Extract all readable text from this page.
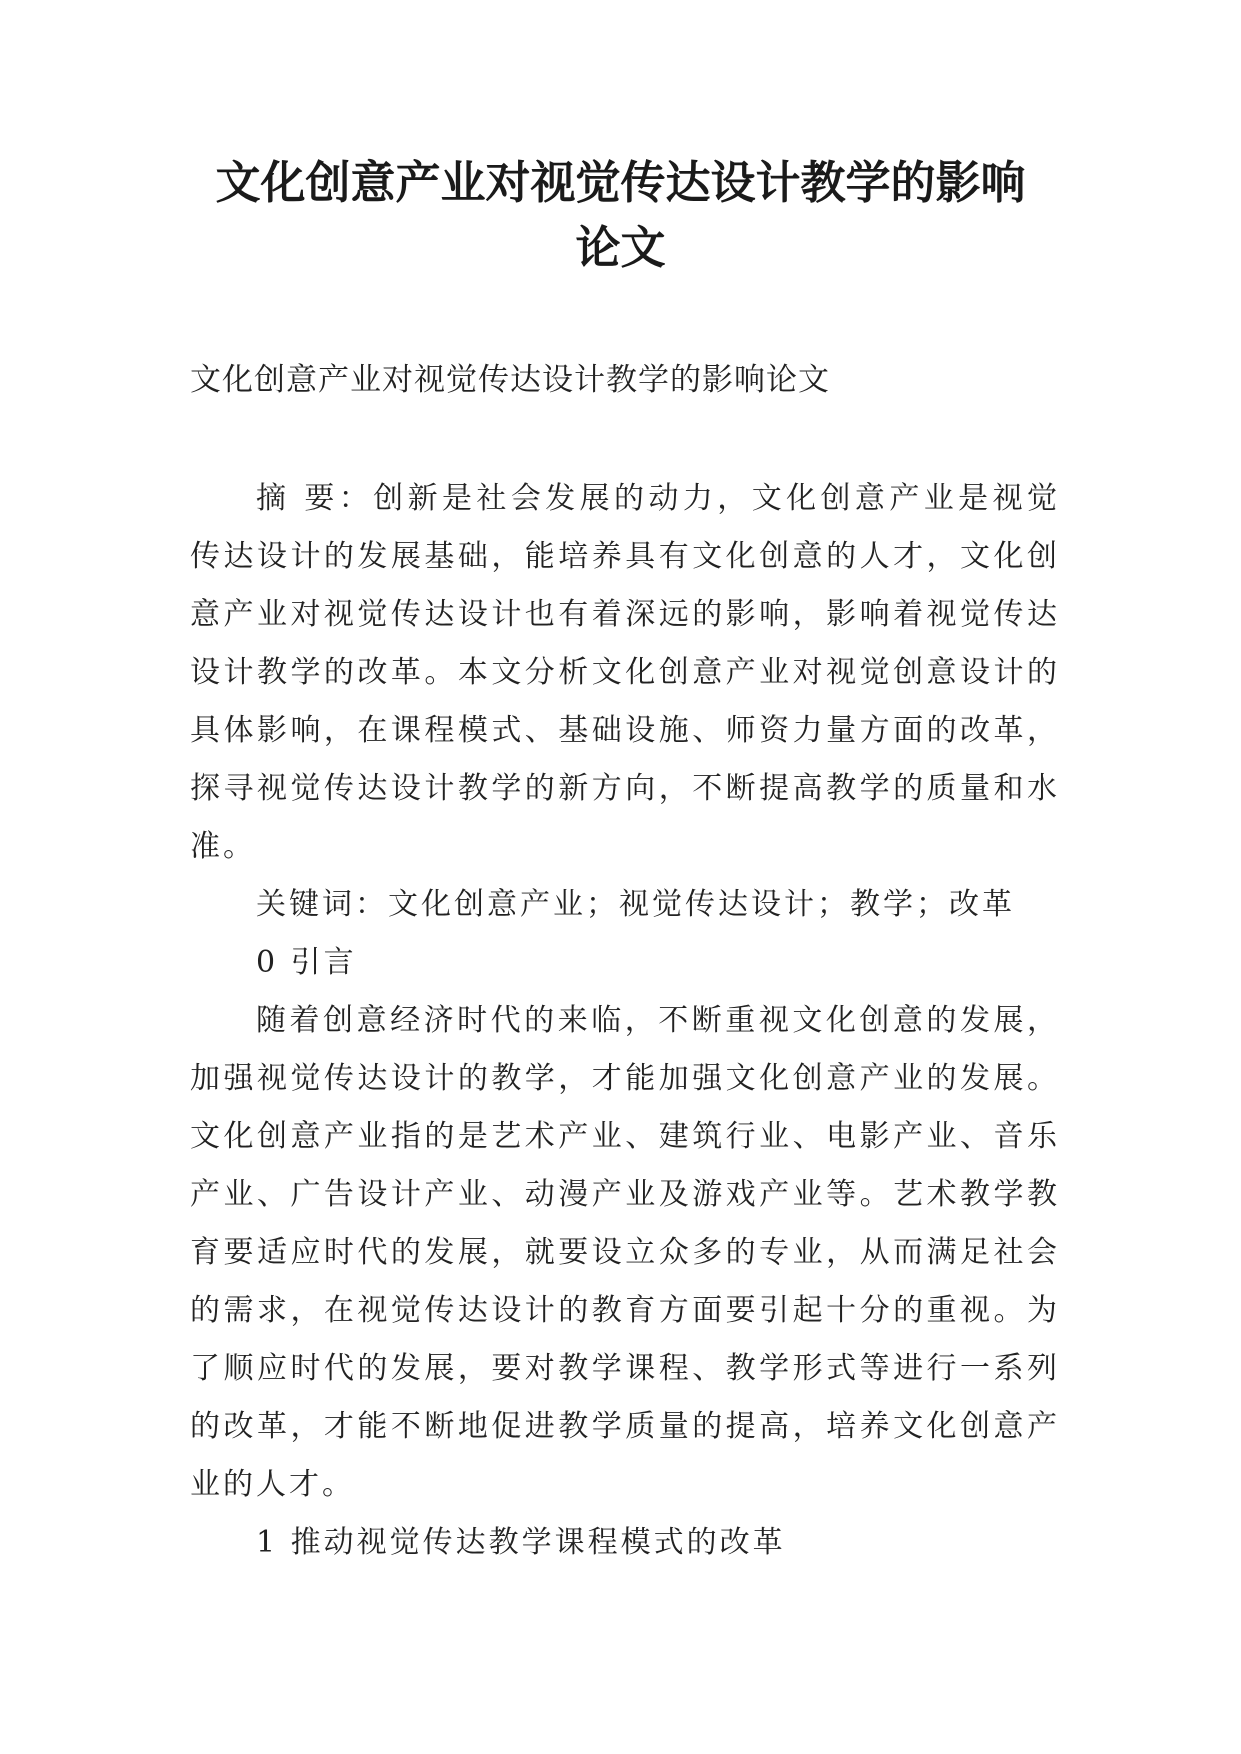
文化创意产业对视觉传达设计教学的影响
论文

文化创意产业对视觉传达设计教学的影响论文

摘 要：创新是社会发展的动力，文化创意产业是视觉传达设计的发展基础，能培养具有文化创意的人才，文化创意产业对视觉传达设计也有着深远的影响，影响着视觉传达设计教学的改革。本文分析文化创意产业对视觉创意设计的具体影响，在课程模式、基础设施、师资力量方面的改革，探寻视觉传达设计教学的新方向，不断提高教学的质量和水准。

关键词：文化创意产业；视觉传达设计；教学；改革

0 引言

随着创意经济时代的来临，不断重视文化创意的发展，加强视觉传达设计的教学，才能加强文化创意产业的发展。文化创意产业指的是艺术产业、建筑行业、电影产业、音乐产业、广告设计产业、动漫产业及游戏产业等。艺术教学教育要适应时代的发展，就要设立众多的专业，从而满足社会的需求，在视觉传达设计的教育方面要引起十分的重视。为了顺应时代的发展，要对教学课程、教学形式等进行一系列的改革，才能不断地促进教学质量的提高，培养文化创意产业的人才。

1 推动视觉传达教学课程模式的改革
